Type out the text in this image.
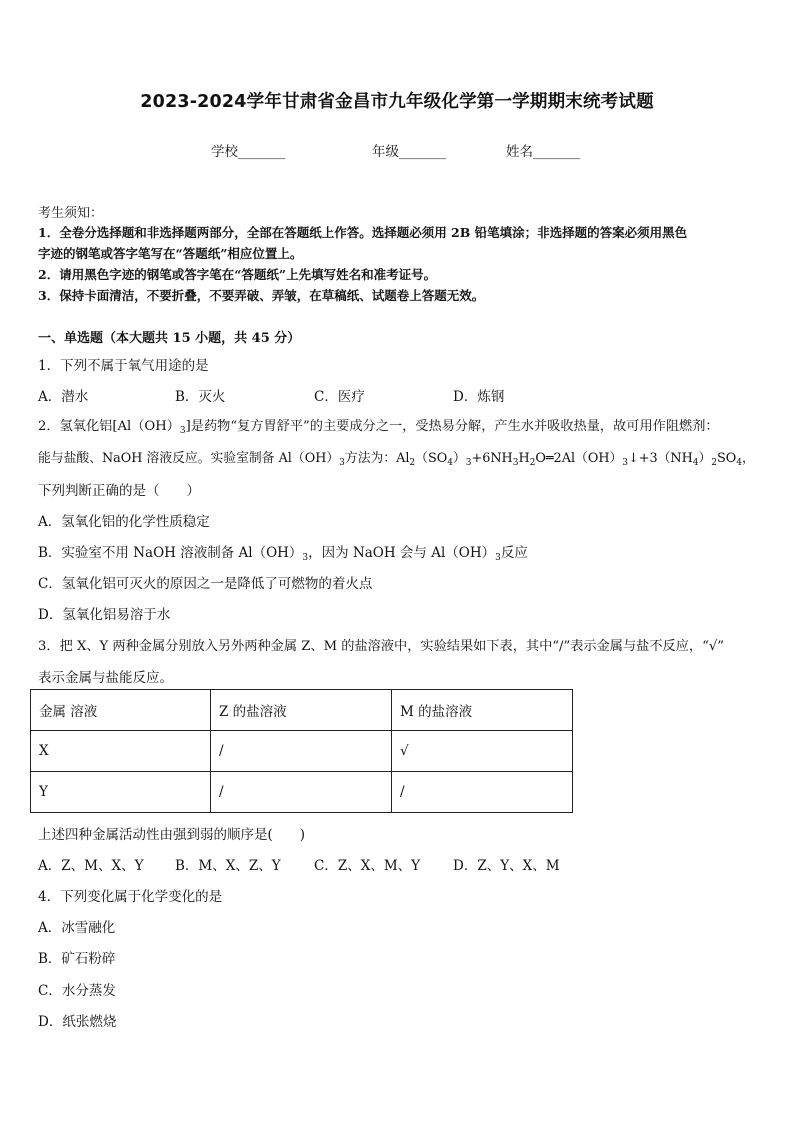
2023-2024学年甘肃省金昌市九年级化学第一学期期末统考试题
学校_______	年级_______	姓名_______
考生须知：
1．全卷分选择题和非选择题两部分，全部在答题纸上作答。选择题必须用 2B 铅笔填涂；非选择题的答案必须用黑色
字迹的钢笔或答字笔写在“答题纸”相应位置上。
2．请用黑色字迹的钢笔或答字笔在“答题纸”上先填写姓名和准考证号。
3．保持卡面清洁，不要折叠，不要弄破、弄皱，在草稿纸、试题卷上答题无效。
一、单选题（本大题共 15 小题，共 45 分）
1．下列不属于氧气用途的是
A．潜水	B．灭火	C．医疗	D．炼钢
2．氢氧化铝$[Al(OH)_3]$是药物“复方胃舒平”的主要成分之一，受热易分解，产生水并吸收热量，故可用作阻燃剂：
能与盐酸、NaOH 溶液反应。实验室制备 $Al(OH)_3$方法为：$Al_2(SO_4)_3+6NH_3H_2O═2Al(OH)_3↓+3(NH_4)_2SO_4$，
下列判断正确的是（　　）
A．氢氧化铝的化学性质稳定
B．实验室不用 NaOH 溶液制备 $Al(OH)_3$，因为 NaOH 会与 $Al(OH)_3$反应
C．氢氧化铝可灭火的原因之一是降低了可燃物的着火点
D．氢氧化铝易溶于水
3．把 X、Y 两种金属分别放入另外两种金属 Z、M 的盐溶液中，实验结果如下表，其中“/”表示金属与盐不反应，“√”
表示金属与盐能反应。
金属 溶液	Z 的盐溶液	M 的盐溶液
X	/	√
Y	/	/
上述四种金属活动性由强到弱的顺序是(　　)
A．Z、M、X、Y B．M、X、Z、Y C．Z、X、M、Y D．Z、Y、X、M
4．下列变化属于化学变化的是
A．冰雪融化
B．矿石粉碎
C．水分蒸发
D．纸张燃烧
